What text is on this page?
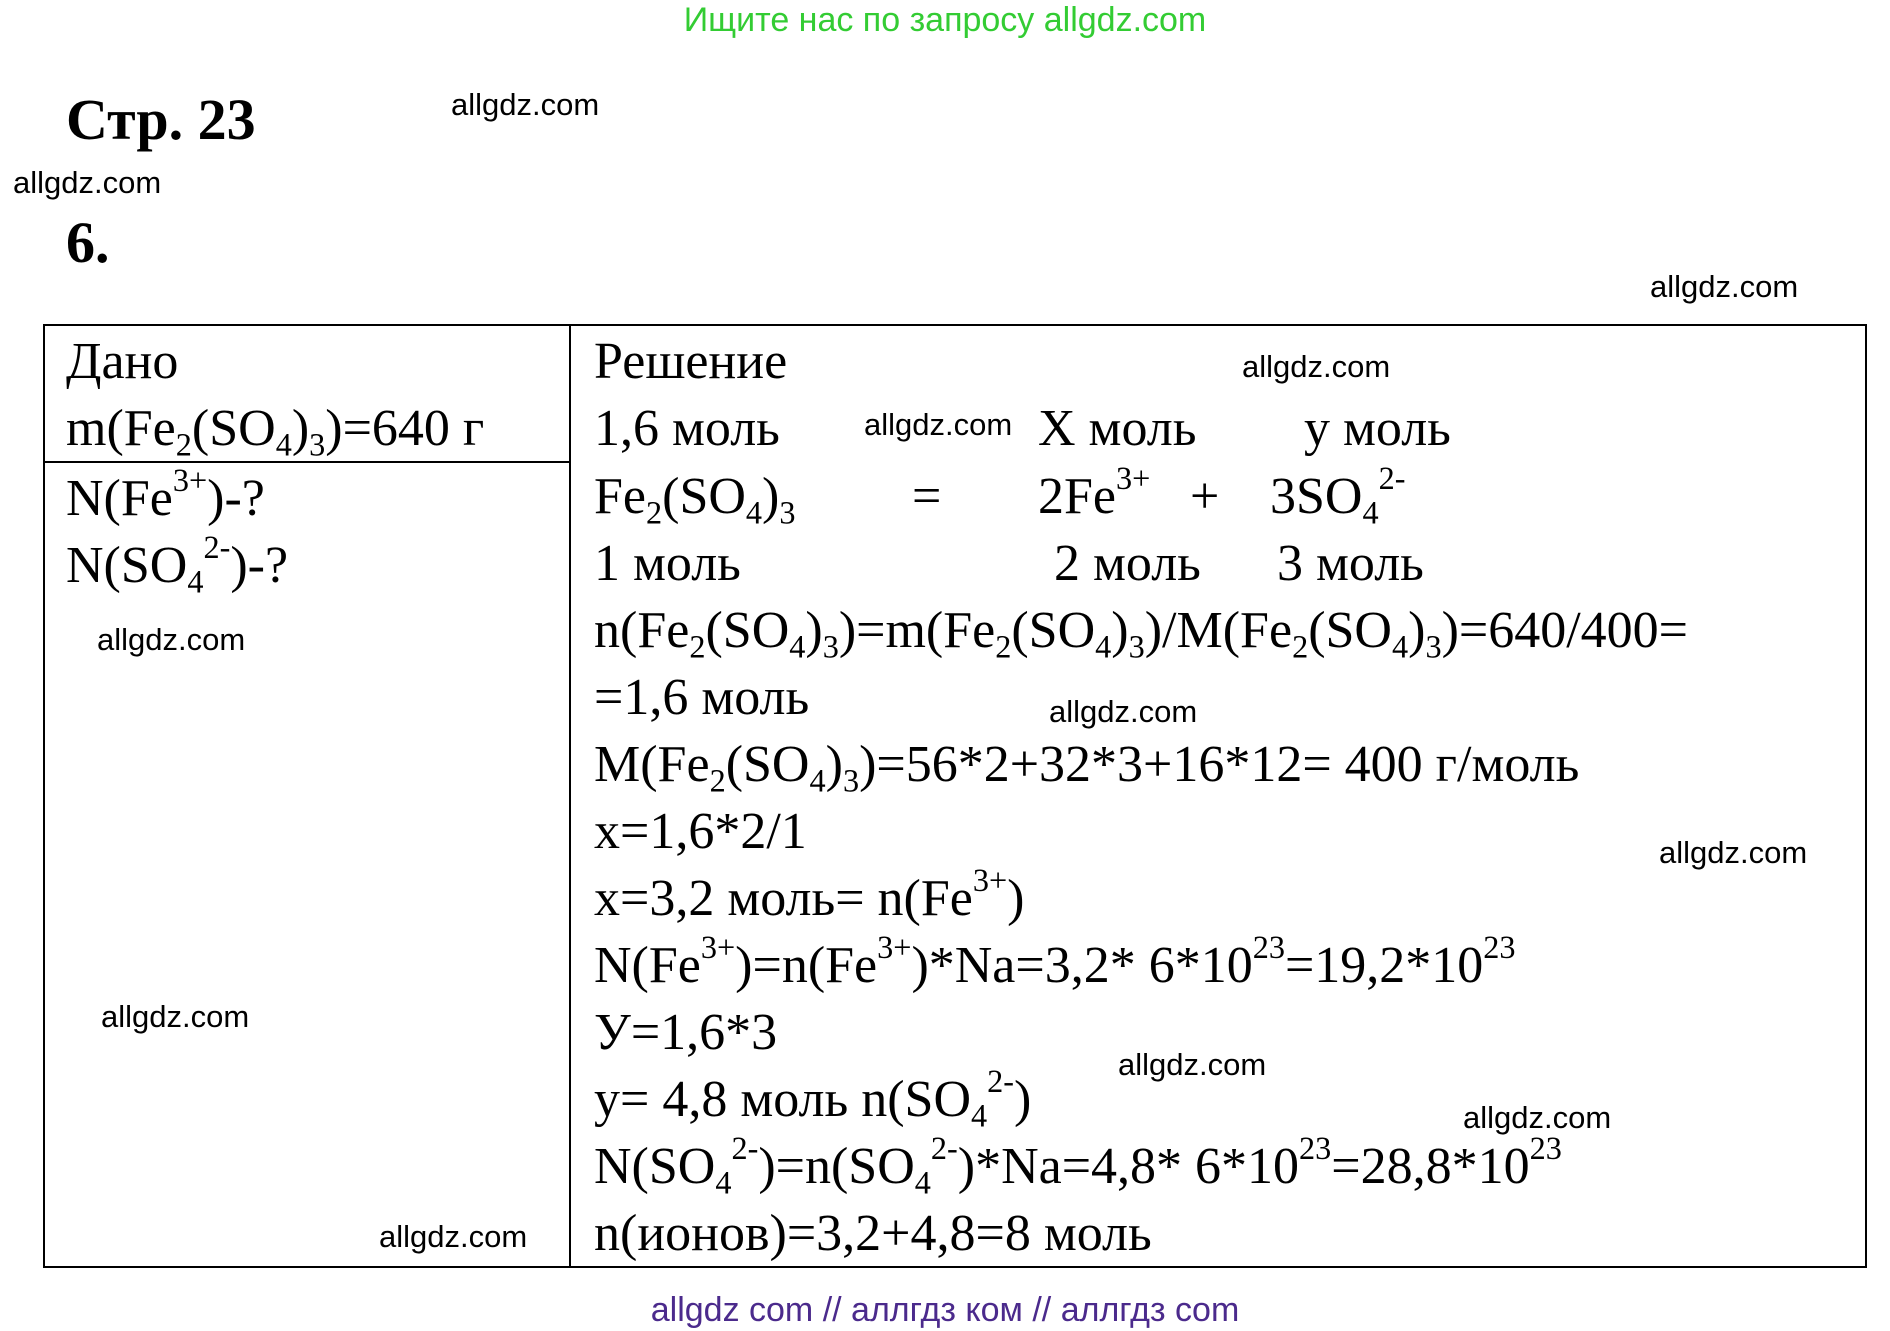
Ищите нас по запросу allgdz.com
Стр. 23
6.
allgdz.com
allgdz.com
allgdz.com
allgdz.com
allgdz.com
allgdz.com
allgdz.com
allgdz.com
allgdz.com
allgdz.com
allgdz.com
allgdz.com
Дано
$m(Fe_2(SO_4)_3)=640$ г
$N(Fe^{3+})-$?
$N(SO_4^{2-})-$?
Решение
1,6 моль	X моль y моль
$Fe_2(SO_4)_3 = 2Fe^{3+} + 3SO_4^{2-}$
1 моль	2 моль 3 моль
$n(Fe_2(SO_4)_3)=m(Fe_2(SO_4)_3)/M(Fe_2(SO_4)_3)=640/400=$
=1,6 моль
$M(Fe_2(SO_4)_3)=56*2+32*3+16*12= 400$ г/моль
x=1,6*2/1
x=3,2 моль= $n(Fe^{3+})$
$N(Fe^{3+})=n(Fe^{3+})*Na=3,2*$ $6*10^{23}=19,2*10^{23}$
У=1,6*3
y= 4,8 моль $n(SO_4^{2-})$
$N(SO_4^{2-})=n(SO_4^{2-})*Na=4,8*$ $6*10^{23}=28,8*10^{23}$
n(ионов)=3,2+4,8=8 моль
allgdz com // аллгдз ком // аллгдз com
